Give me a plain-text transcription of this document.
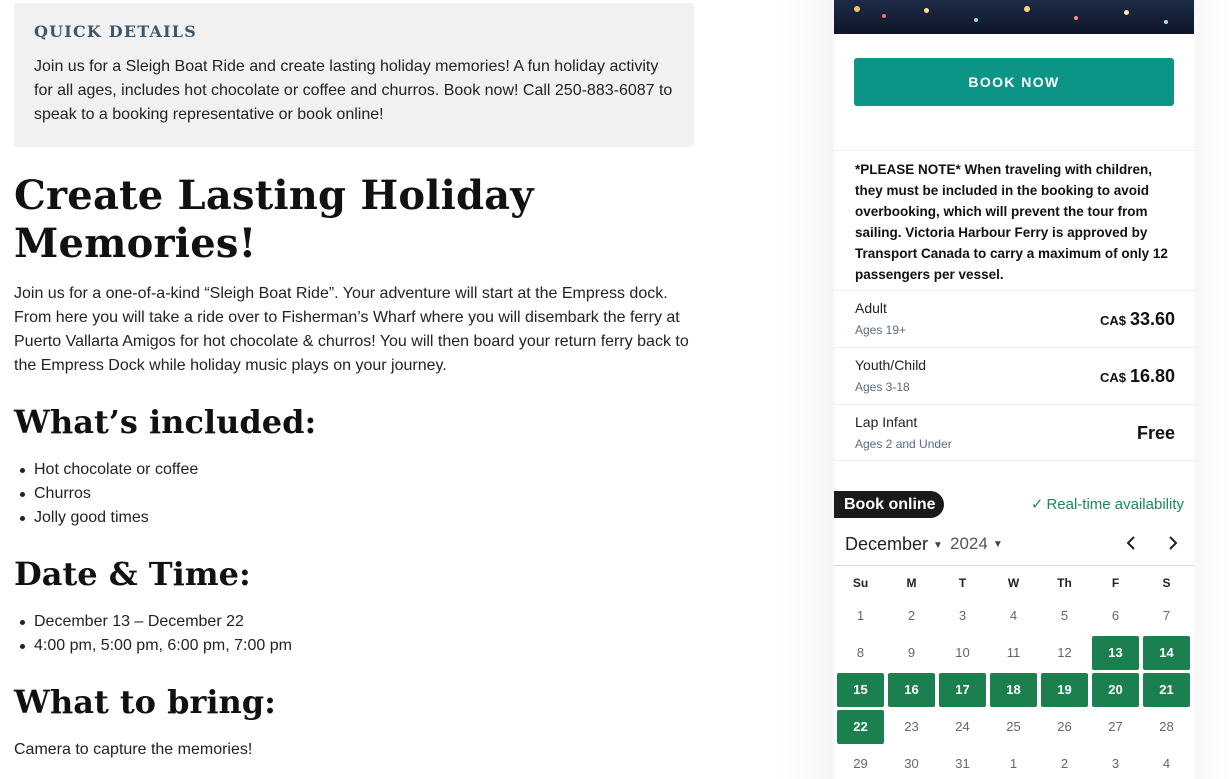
QUICK DETAILS
Join us for a Sleigh Boat Ride and create lasting holiday memories! A fun holiday activity for all ages, includes hot chocolate or coffee and churros. Book now! Call 250-883-6087 to speak to a booking representative or book online!
Create Lasting Holiday Memories!

Join us for a one-of-a-kind “Sleigh Boat Ride”. Your adventure will start at the Empress dock. From here you will take a ride over to Fisherman’s Wharf where you will disembark the ferry at Puerto Vallarta Amigos for hot chocolate & churros! You will then board your return ferry back to the Empress Dock while holiday music plays on your journey.

What’s included:
Hot chocolate or coffee
Churros
Jolly good times
Date & Time:
December 13 – December 22
4:00 pm, 5:00 pm, 6:00 pm, 7:00 pm
What to bring:

Camera to capture the memories!

BOOK NOW
*PLEASE NOTE* When traveling with children, they must be included in the booking to avoid overbooking, which will prevent the tour from sailing. Victoria Harbour Ferry is approved by Transport Canada to carry a maximum of only 12 passengers per vessel.
Adult
Ages 19+
CA$ 33.60
Youth/Child
Ages 3-18
CA$ 16.80
Lap Infant
Ages 2 and Under
Free
Book online	✓ Real-time availability
December ▼ 2024 ▼
Su	M	T	W	Th	F	S
1	2	3	4	5	6	7
8	9	10	11	12	13	14
15	16	17	18	19	20	21
22	23	24	25	26	27	28
29	30	31	1	2	3	4
